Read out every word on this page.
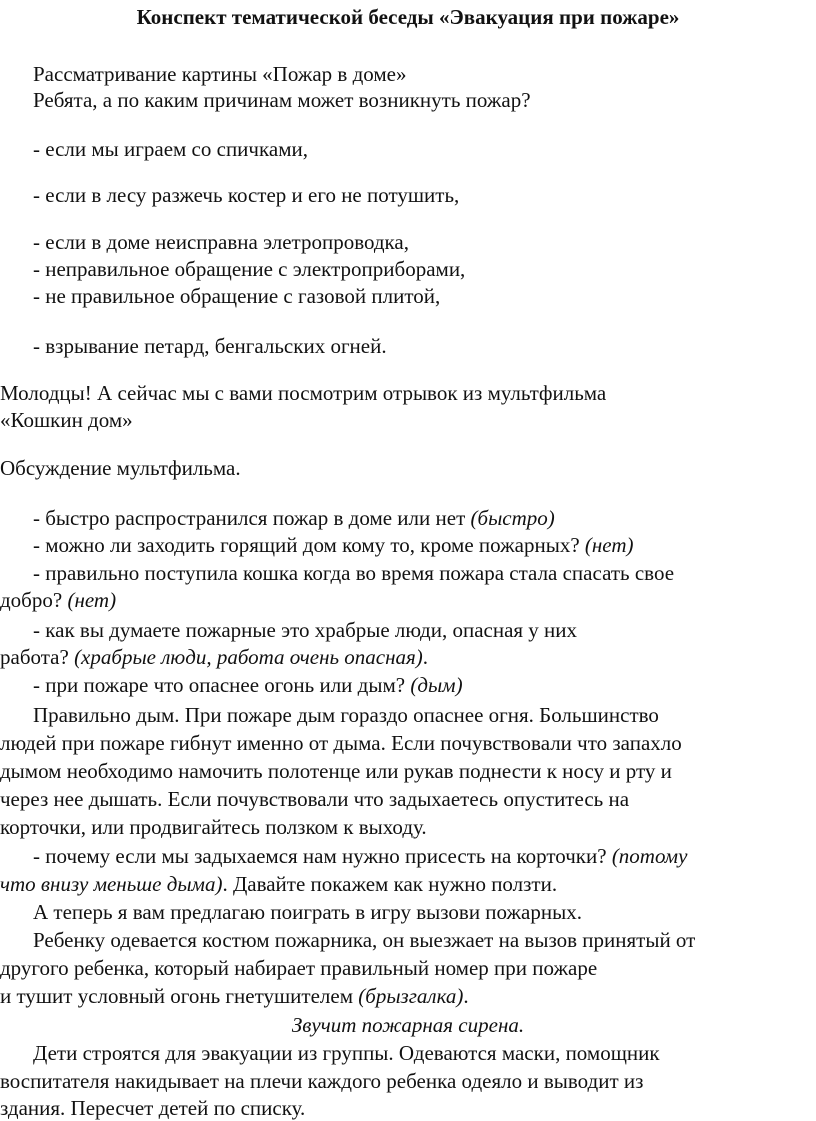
Конспект тематической беседы «Эвакуация при пожаре»
Рассматривание картины «Пожар в доме»
Ребята, а по каким причинам может возникнуть пожар?
- если мы играем со спичками,
- если в лесу разжечь костер и его не потушить,
- если в доме неисправна элетропроводка,
- неправильное обращение с электроприборами,
- не правильное обращение с газовой плитой,
- взрывание петард, бенгальских огней.
Молодцы! А сейчас мы с вами посмотрим отрывок из мультфильма
«Кошкин дом»
Обсуждение мультфильма.
- быстро распространился пожар в доме или нет (быстро)
- можно ли заходить горящий дом кому то, кроме пожарных? (нет)
- правильно поступила кошка когда во время пожара стала спасать свое
добро? (нет)
- как вы думаете пожарные это храбрые люди, опасная у них
работа? (храбрые люди, работа очень опасная).
- при пожаре что опаснее огонь или дым? (дым)
Правильно дым. При пожаре дым гораздо опаснее огня. Большинство
людей при пожаре гибнут именно от дыма. Если почувствовали что запахло
дымом необходимо намочить полотенце или рукав поднести к носу и рту и
через нее дышать. Если почувствовали что задыхаетесь опуститесь на
корточки, или продвигайтесь ползком к выходу.
- почему если мы задыхаемся нам нужно присесть на корточки? (потому
что внизу меньше дыма). Давайте покажем как нужно ползти.
А теперь я вам предлагаю поиграть в игру вызови пожарных.
Ребенку одевается костюм пожарника, он выезжает на вызов принятый от
другого ребенка, который набирает правильный номер при пожаре
и тушит условный огонь гнетушителем (брызгалка).
Звучит пожарная сирена.
Дети строятся для эвакуации из группы. Одеваются маски, помощник
воспитателя накидывает на плечи каждого ребенка одеяло и выводит из
здания. Пересчет детей по списку.
